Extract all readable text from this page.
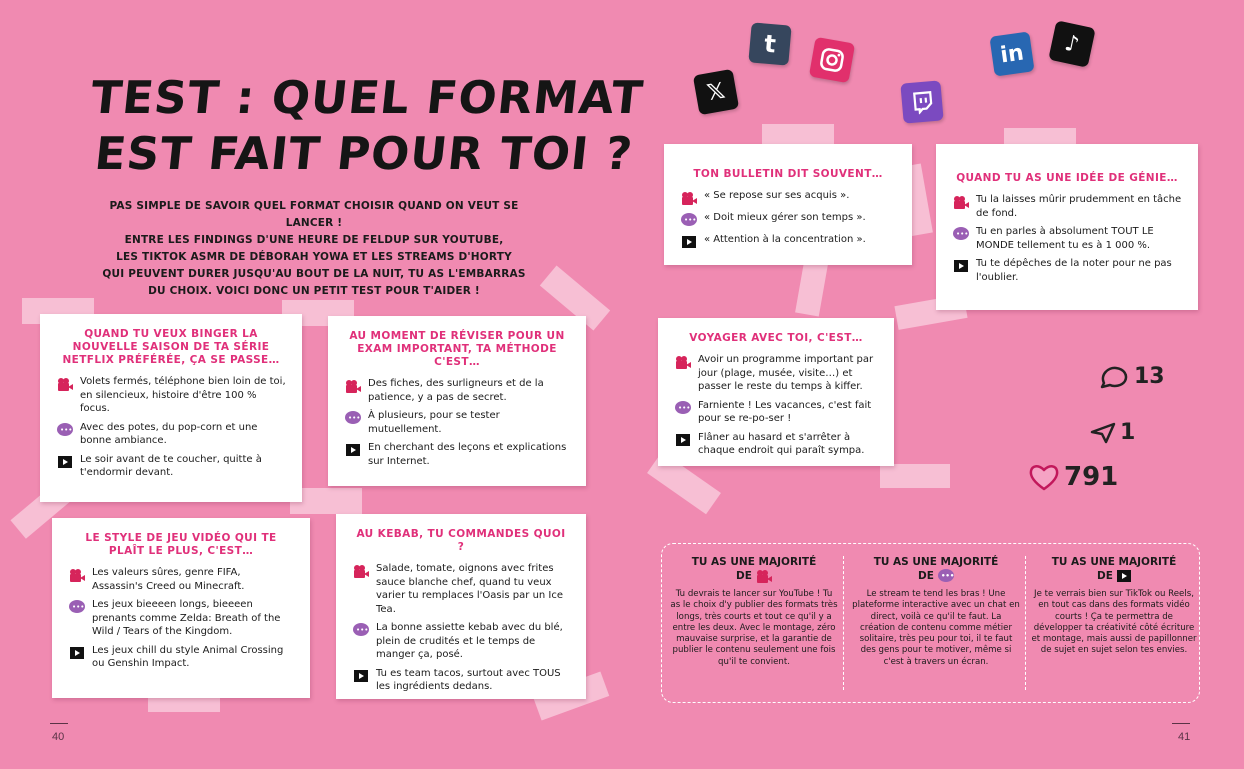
TEST : QUEL FORMAT
EST FAIT POUR TOI ?
PAS SIMPLE DE SAVOIR QUEL FORMAT CHOISIR QUAND ON VEUT SE LANCER !
ENTRE LES FINDINGS D'UNE HEURE DE FELDUP SUR YOUTUBE,
LES TIKTOK ASMR DE DÉBORAH YOWA ET LES STREAMS D'HORTY
QUI PEUVENT DURER JUSQU'AU BOUT DE LA NUIT, TU AS L'EMBARRAS
DU CHOIX. VOICI DONC UN PETIT TEST POUR T'AIDER !
QUAND TU VEUX BINGER LA NOUVELLE SAISON DE TA SÉRIE NETFLIX PRÉFÉRÉE, ÇA SE PASSE…
Volets fermés, téléphone bien loin de toi, en silencieux, histoire d'être 100 % focus.
••• Avec des potes, du pop-corn et une bonne ambiance.
Le soir avant de te coucher, quitte à t'endormir devant.
AU MOMENT DE RÉVISER POUR UN EXAM IMPORTANT, TA MÉTHODE C'EST…
Des fiches, des surligneurs et de la patience, y a pas de secret.
••• À plusieurs, pour se tester mutuellement.
En cherchant des leçons et explications sur Internet.
LE STYLE DE JEU VIDÉO QUI TE PLAÎT LE PLUS, C'EST…
Les valeurs sûres, genre FIFA, Assassin's Creed ou Minecraft.
••• Les jeux bieeeen longs, bieeeen prenants comme Zelda: Breath of the Wild / Tears of the Kingdom.
Les jeux chill du style Animal Crossing ou Genshin Impact.
AU KEBAB, TU COMMANDES QUOI ?
Salade, tomate, oignons avec frites sauce blanche chef, quand tu veux varier tu remplaces l'Oasis par un Ice Tea.
••• La bonne assiette kebab avec du blé, plein de crudités et le temps de manger ça, posé.
Tu es team tacos, surtout avec TOUS les ingrédients dedans.
TON BULLETIN DIT SOUVENT…
« Se repose sur ses acquis ».
••• « Doit mieux gérer son temps ».
« Attention à la concentration ».
QUAND TU AS UNE IDÉE DE GÉNIE…
Tu la laisses mûrir prudemment en tâche de fond.
••• Tu en parles à absolument TOUT LE MONDE tellement tu es à 1 000 %.
Tu te dépêches de la noter pour ne pas l'oublier.
VOYAGER AVEC TOI, C'EST…
Avoir un programme important par jour (plage, musée, visite…) et passer le reste du temps à kiffer.
••• Farniente ! Les vacances, c'est fait pour se re-po-ser !
Flâner au hasard et s'arrêter à chaque endroit qui paraît sympa.
𝕏
t	in ♪
13
1
791
TU AS UNE MAJORITÉ

DE

Tu devrais te lancer sur YouTube ! Tu as le choix d'y publier des formats très longs, très courts et tout ce qu'il y a entre les deux. Avec le montage, zéro mauvaise surprise, et la garantie de publier le contenu seulement une fois qu'il te convient.

TU AS UNE MAJORITÉ

DE •••

Le stream te tend les bras ! Une plateforme interactive avec un chat en direct, voilà ce qu'il te faut. La création de contenu comme métier solitaire, très peu pour toi, il te faut des gens pour te motiver, même si c'est à travers un écran.

TU AS UNE MAJORITÉ

DE

Je te verrais bien sur TikTok ou Reels, en tout cas dans des formats vidéo courts ! Ça te permettra de développer ta créativité côté écriture et montage, mais aussi de papillonner de sujet en sujet selon tes envies.

40	41
